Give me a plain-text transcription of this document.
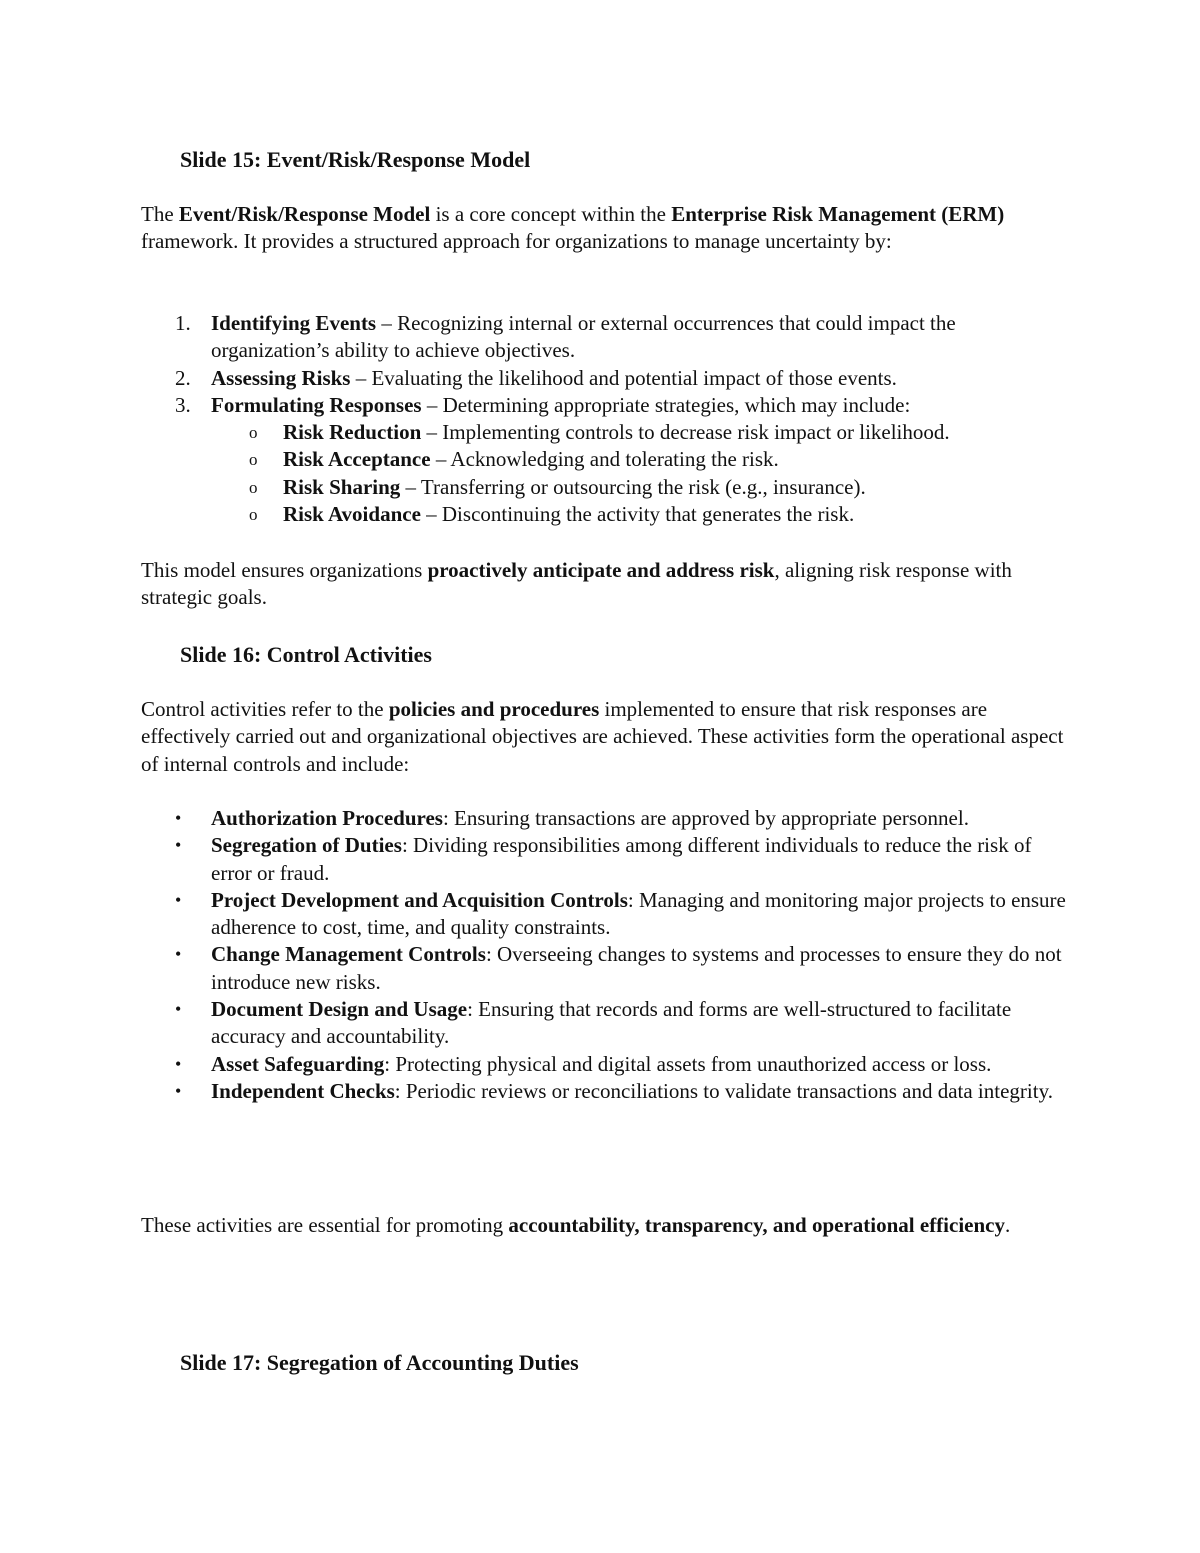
Slide 15: Event/Risk/Response Model

The Event/Risk/Response Model is a core concept within the Enterprise Risk Management (ERM) framework. It provides a structured approach for organizations to manage uncertainty by:

1. Identifying Events – Recognizing internal or external occurrences that could impact the organization’s ability to achieve objectives.
2. Assessing Risks – Evaluating the likelihood and potential impact of those events.
3. Formulating Responses – Determining appropriate strategies, which may include:
o Risk Reduction – Implementing controls to decrease risk impact or likelihood.
o Risk Acceptance – Acknowledging and tolerating the risk.
o Risk Sharing – Transferring or outsourcing the risk (e.g., insurance).
o Risk Avoidance – Discontinuing the activity that generates the risk.

This model ensures organizations proactively anticipate and address risk, aligning risk response with strategic goals.

Slide 16: Control Activities

Control activities refer to the policies and procedures implemented to ensure that risk responses are effectively carried out and organizational objectives are achieved. These activities form the operational aspect of internal controls and include:

• Authorization Procedures: Ensuring transactions are approved by appropriate personnel.
• Segregation of Duties: Dividing responsibilities among different individuals to reduce the risk of error or fraud.
• Project Development and Acquisition Controls: Managing and monitoring major projects to ensure adherence to cost, time, and quality constraints.
• Change Management Controls: Overseeing changes to systems and processes to ensure they do not introduce new risks.
• Document Design and Usage: Ensuring that records and forms are well-structured to facilitate accuracy and accountability.
• Asset Safeguarding: Protecting physical and digital assets from unauthorized access or loss.
• Independent Checks: Periodic reviews or reconciliations to validate transactions and data integrity.

These activities are essential for promoting accountability, transparency, and operational efficiency.

Slide 17: Segregation of Accounting Duties
